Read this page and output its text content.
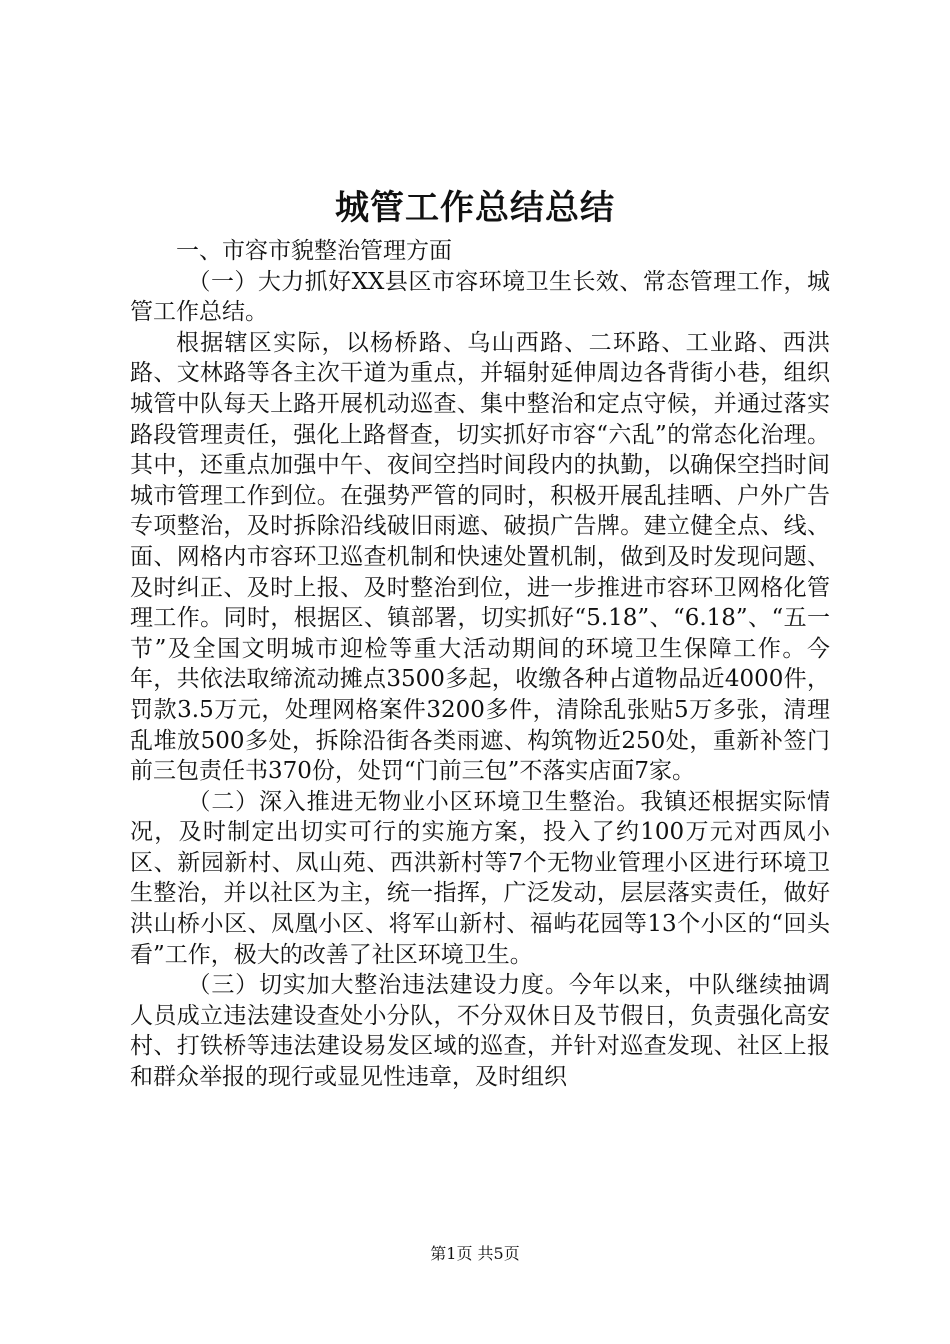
城管工作总结总结

一、市容市貌整治管理方面

（一）大力抓好XX县区市容环境卫生长效、常态管理工作，城管工作总结。

根据辖区实际，以杨桥路、乌山西路、二环路、工业路、西洪路、文林路等各主次干道为重点，并辐射延伸周边各背街小巷，组织城管中队每天上路开展机动巡查、集中整治和定点守候，并通过落实路段管理责任，强化上路督查，切实抓好市容“六乱”的常态化治理。其中，还重点加强中午、夜间空挡时间段内的执勤，以确保空挡时间城市管理工作到位。在强势严管的同时，积极开展乱挂晒、户外广告专项整治，及时拆除沿线破旧雨遮、破损广告牌。建立健全点、线、面、网格内市容环卫巡查机制和快速处置机制，做到及时发现问题、及时纠正、及时上报、及时整治到位，进一步推进市容环卫网格化管理工作。同时，根据区、镇部署，切实抓好“5.18”、“6.18”、“五一节”及全国文明城市迎检等重大活动期间的环境卫生保障工作。今年，共依法取缔流动摊点3500多起，收缴各种占道物品近4000件，罚款3.5万元，处理网格案件3200多件，清除乱张贴5万多张，清理乱堆放500多处，拆除沿街各类雨遮、构筑物近250处，重新补签门前三包责任书370份，处罚“门前三包”不落实店面7家。

（二）深入推进无物业小区环境卫生整治。我镇还根据实际情况，及时制定出切实可行的实施方案，投入了约100万元对西凤小区、新园新村、凤山苑、西洪新村等7个无物业管理小区进行环境卫生整治，并以社区为主，统一指挥，广泛发动，层层落实责任，做好洪山桥小区、凤凰小区、将军山新村、福屿花园等13个小区的“回头看”工作，极大的改善了社区环境卫生。

（三）切实加大整治违法建设力度。今年以来，中队继续抽调人员成立违法建设查处小分队，不分双休日及节假日，负责强化高安村、打铁桥等违法建设易发区域的巡查，并针对巡查发现、社区上报和群众举报的现行或显见性违章，及时组织

第1页 共5页
